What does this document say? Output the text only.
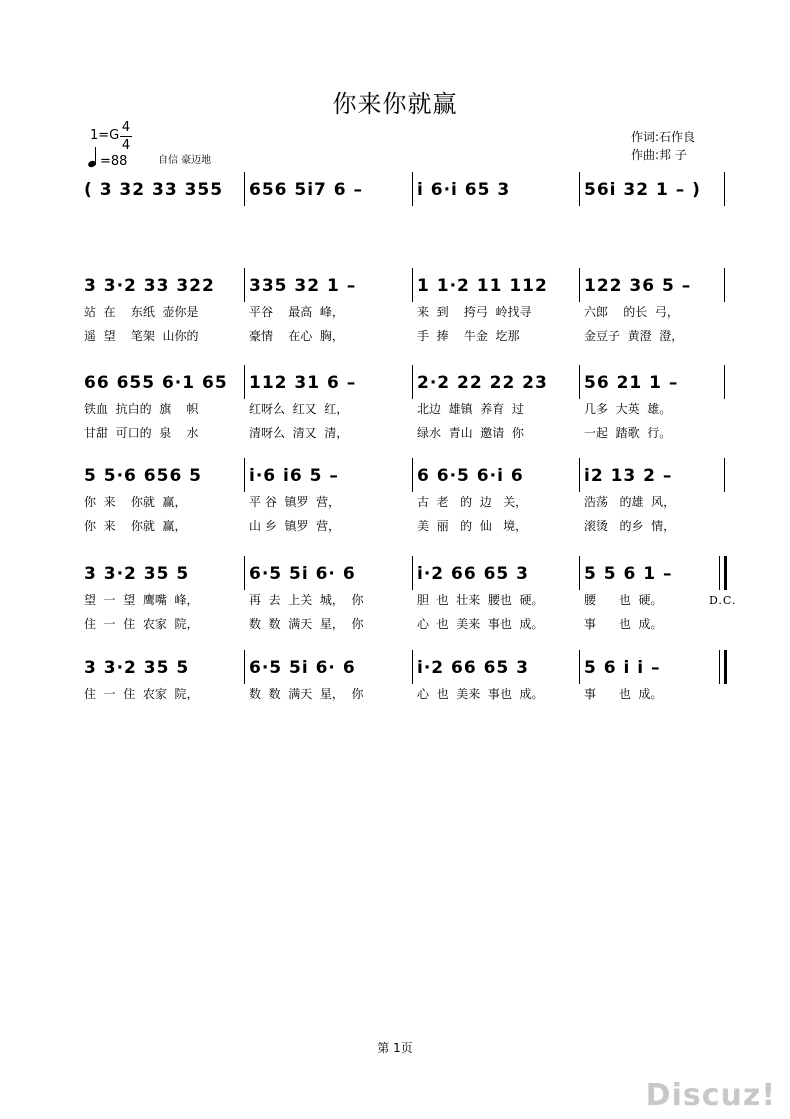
你来你就赢
1=G
4
4
=88	自信 豪迈地
作词:石作良
作曲:邦 子
( 3 32 33 355 656 5i7 6 –	i 6·i 65 3	56i 32 1 – )
3 3·2 33 322 335 32 1 –	1 1·2 11 112 122 36 5 –
站  在    东纸  壶你是	平谷    最高  峰，	来  到    挎弓  岭找寻	六郎    的长  弓，
遥  望    笔架  山你的	豪情    在心  胸，	手  捧    牛金  圪那	金豆子  黄澄  澄，
66 655 6·1 65 112 31 6 –	2·2 22 22 23 56 21 1 –
铁血  抗白的  旗    帜	红呀么  红又  红，	北边  雄镇  养育  过	几多  大英  雄。
甘甜  可口的  泉    水	清呀么  清又  清，	绿水  青山  邀请  你	一起  踏歌  行。
5 5·6 656 5	i·6 i6 5 –	6 6·5 6·i 6	i2 13 2 –
你  来    你就  赢，	平 谷  镇罗  营，	古  老   的  边   关，	浩荡   的雄  风，
你  来    你就  赢，	山 乡  镇罗  营，	美  丽   的  仙   境，	滚烫   的乡  情，
3 3·2 35 5	6·5 5i 6· 6	i·2 66 65 3	5 5 6 1 –
望  一  望  鹰嘴  峰，	再  去  上关  城，  你	胆  也  壮来  腰也  硬。	腰      也  硬。
住  一  住  农家  院，	数  数  满天  星，  你	心  也  美来  事也  成。	事      也  成。
D.C.
3 3·2 35 5	6·5 5i 6· 6	i·2 66 65 3	5 6 i i –
住  一  住  农家  院，	数  数  满天  星，  你	心  也  美来  事也  成。	事      也  成。
第 1页
Discuz!
